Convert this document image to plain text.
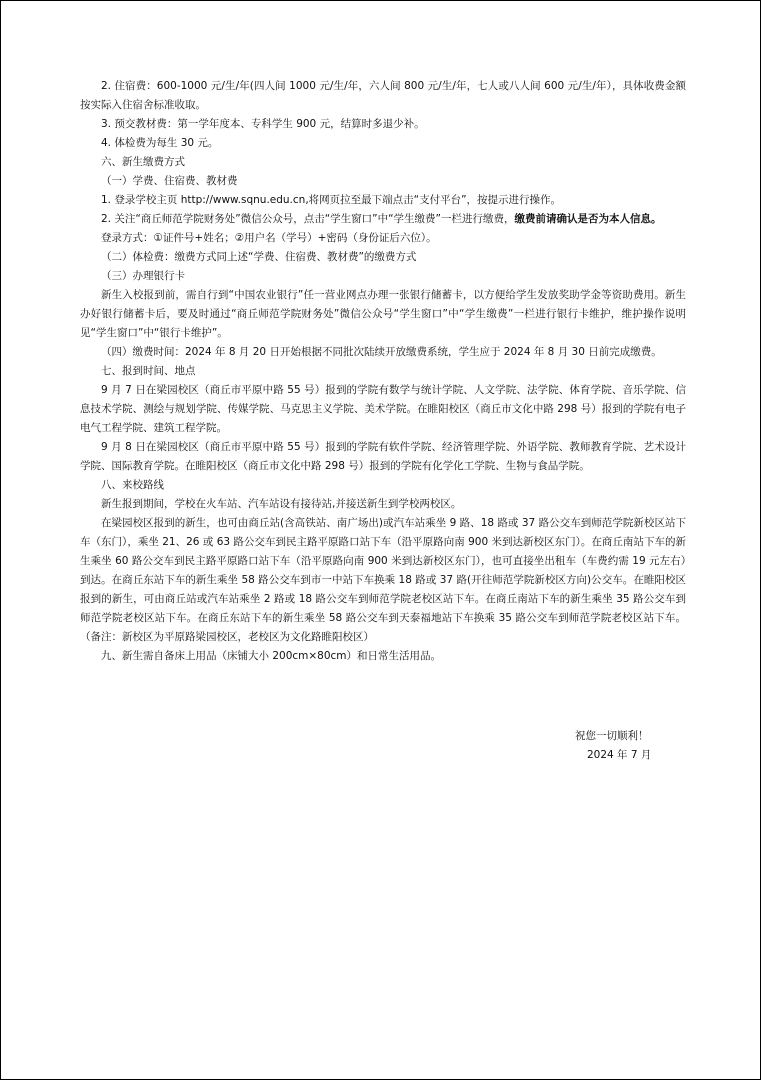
2. 住宿费：600-1000 元/生/年(四人间 1000 元/生/年，六人间 800 元/生/年，七人或八人间 600 元/生/年），具体收费金额按实际入住宿舍标准收取。

3. 预交教材费：第一学年度本、专科学生 900 元，结算时多退少补。

4. 体检费为每生 30 元。

六、新生缴费方式

（一）学费、住宿费、教材费

1. 登录学校主页 http://www.sqnu.edu.cn,将网页拉至最下端点击“支付平台”，按提示进行操作。

2. 关注“商丘师范学院财务处”微信公众号，点击“学生窗口”中“学生缴费”一栏进行缴费，缴费前请确认是否为本人信息。

登录方式：①证件号+姓名；②用户名（学号）+密码（身份证后六位）。

（二）体检费：缴费方式同上述“学费、住宿费、教材费”的缴费方式

（三）办理银行卡

新生入校报到前，需自行到“中国农业银行”任一营业网点办理一张银行储蓄卡，以方便给学生发放奖助学金等资助费用。新生办好银行储蓄卡后，要及时通过“商丘师范学院财务处”微信公众号“学生窗口”中“学生缴费”一栏进行银行卡维护，维护操作说明见“学生窗口”中“银行卡维护”。

（四）缴费时间：2024 年 8 月 20 日开始根据不同批次陆续开放缴费系统，学生应于 2024 年 8 月 30 日前完成缴费。

七、报到时间、地点

9 月 7 日在梁园校区（商丘市平原中路 55 号）报到的学院有数学与统计学院、人文学院、法学院、体育学院、音乐学院、信息技术学院、测绘与规划学院、传媒学院、马克思主义学院、美术学院。在睢阳校区（商丘市文化中路 298 号）报到的学院有电子电气工程学院、建筑工程学院。

9 月 8 日在梁园校区（商丘市平原中路 55 号）报到的学院有软件学院、经济管理学院、外语学院、教师教育学院、艺术设计学院、国际教育学院。在睢阳校区（商丘市文化中路 298 号）报到的学院有化学化工学院、生物与食品学院。

八、来校路线

新生报到期间，学校在火车站、汽车站设有接待站,并接送新生到学校两校区。

在梁园校区报到的新生，也可由商丘站(含高铁站、南广场出)或汽车站乘坐 9 路、18 路或 37 路公交车到师范学院新校区站下车（东门），乘坐 21、26 或 63 路公交车到民主路平原路口站下车（沿平原路向南 900 米到达新校区东门）。在商丘南站下车的新生乘坐 60 路公交车到民主路平原路口站下车（沿平原路向南 900 米到达新校区东门），也可直接坐出租车（车费约需 19 元左右）到达。在商丘东站下车的新生乘坐 58 路公交车到市一中站下车换乘 18 路或 37 路(开往师范学院新校区方向)公交车。在睢阳校区报到的新生，可由商丘站或汽车站乘坐 2 路或 18 路公交车到师范学院老校区站下车。在商丘南站下车的新生乘坐 35 路公交车到师范学院老校区站下车。在商丘东站下车的新生乘坐 58 路公交车到天泰福地站下车换乘 35 路公交车到师范学院老校区站下车。（备注：新校区为平原路梁园校区，老校区为文化路睢阳校区）

九、新生需自备床上用品（床铺大小 200cm×80cm）和日常生活用品。

祝您一切顺利！
2024 年 7 月
